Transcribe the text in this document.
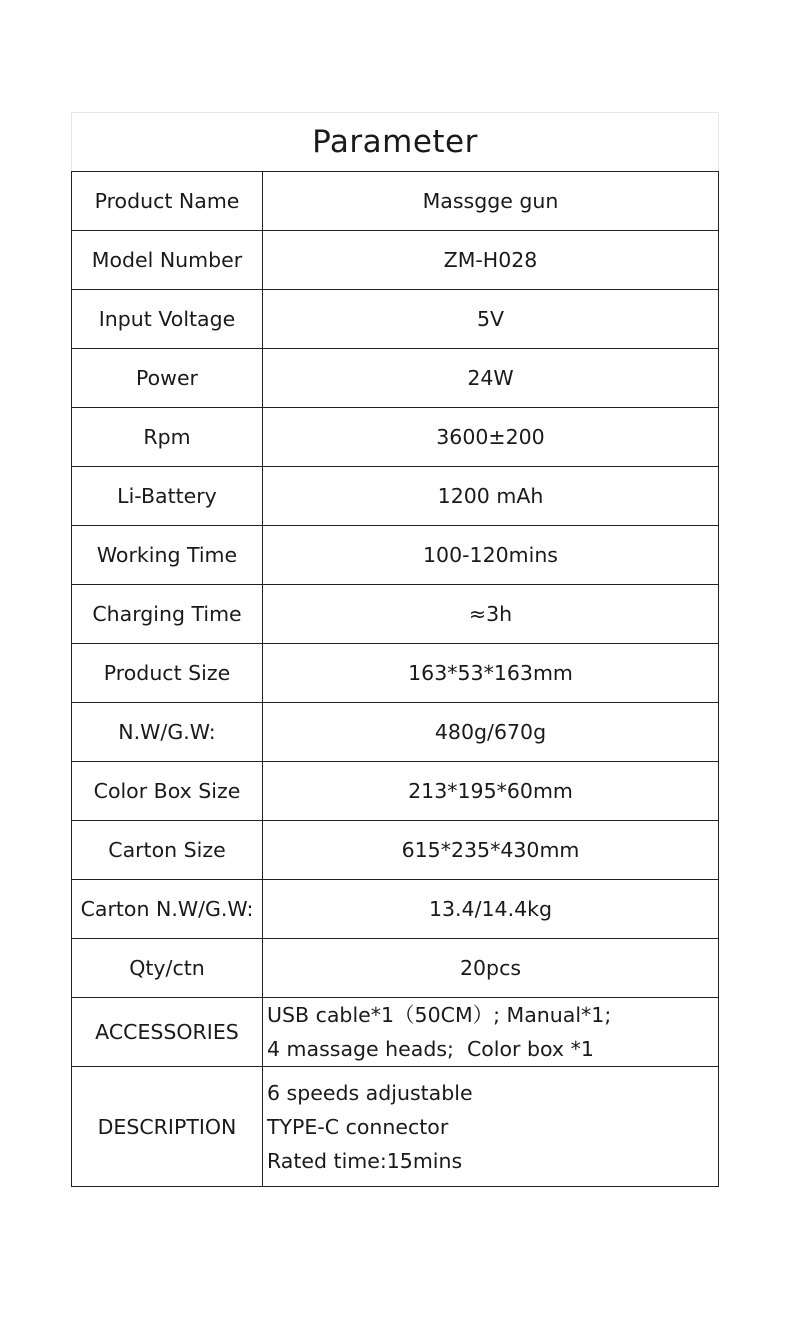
Parameter
Product Name	Massgge gun
Model Number	ZM-H028
Input Voltage	5V
Power	24W
Rpm	3600±200
Li-Battery	1200 mAh
Working Time	100-120mins
Charging Time	≈3h
Product Size	163*53*163mm
N.W/G.W:	480g/670g
Color Box Size	213*195*60mm
Carton Size	615*235*430mm
Carton N.W/G.W:	13.4/14.4kg
Qty/ctn	20pcs
ACCESSORIES	USB cable*1（50CM）; Manual*1;
4 massage heads;  Color box *1

DESCRIPTION	6 speeds adjustable
TYPE-C connector
Rated time:15mins
